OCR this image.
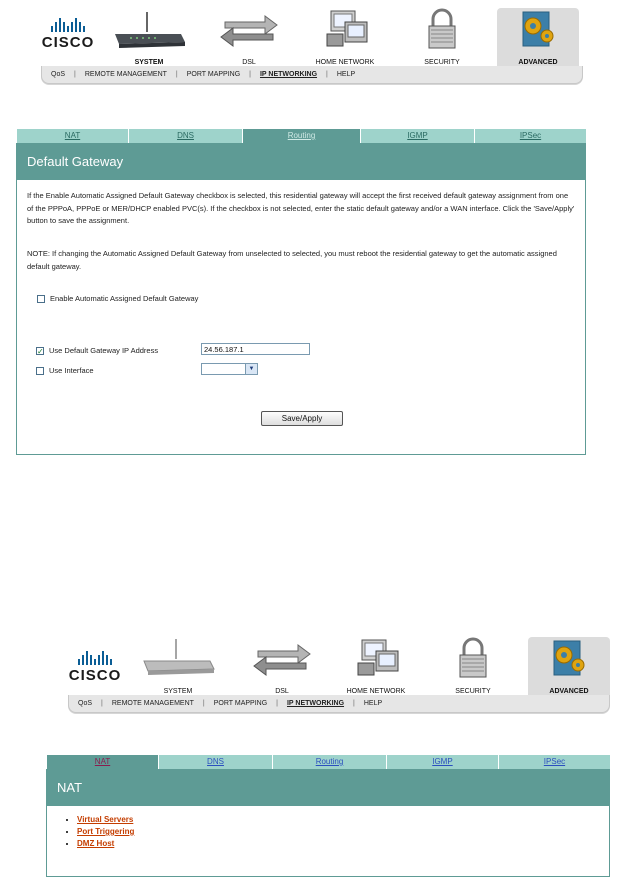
CISCO
SYSTEM	DSL	HOME NETWORK	SECURITY	ADVANCED
QoS	|	REMOTE MANAGEMENT	|	PORT MAPPING	|	IP NETWORKING	|	HELP
NAT	DNS	Routing	IGMP	IPSec
Default Gateway
If the Enable Automatic Assigned Default Gateway checkbox is selected, this residential gateway will accept the first received default gateway assignment from one of the PPPoA, PPPoE or MER/DHCP enabled PVC(s). If the checkbox is not selected, enter the static default gateway and/or a WAN interface. Click the 'Save/Apply' button to save the assignment.
NOTE: If changing the Automatic Assigned Default Gateway from unselected to selected, you must reboot the residential gateway to get the automatic assigned default gateway.
Enable Automatic Assigned Default Gateway
✓ Use Default Gateway IP Address	24.56.187.1
Use Interface	▼
Save/Apply
CISCO
SYSTEM	DSL	HOME NETWORK	SECURITY	ADVANCED
QoS	|	REMOTE MANAGEMENT	|	PORT MAPPING	|	IP NETWORKING	|	HELP
NAT	DNS	Routing	IGMP	IPSec
NAT
• Virtual Servers
• Port Triggering
• DMZ Host
